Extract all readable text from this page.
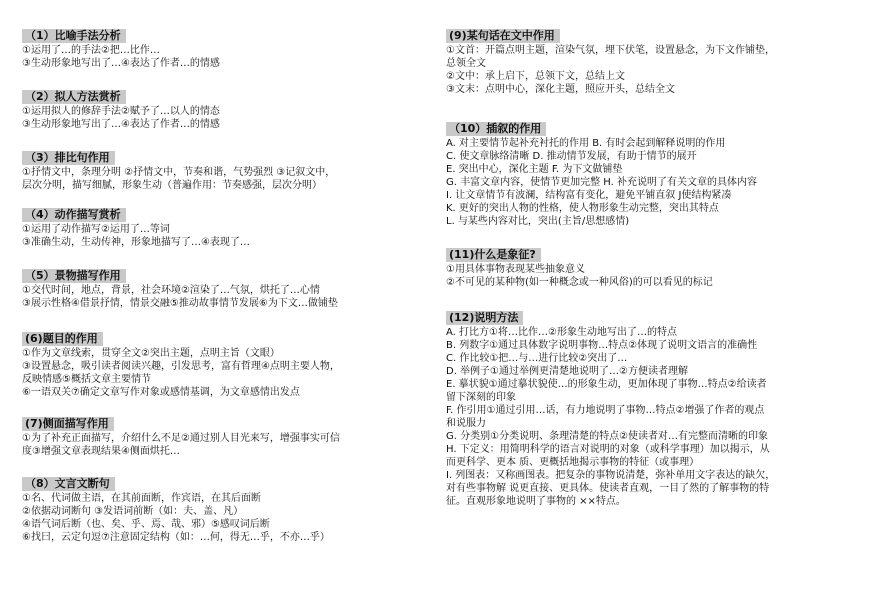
（1）比喻手法分析
①运用了…的手法②把…比作…
③生动形象地写出了…④表达了作者…的情感
（2）拟人方法赏析
①运用拟人的修辞手法②赋予了…以人的情态
③生动形象地写出了…④表达了作者…的情感
（3）排比句作用
①抒情文中，条理分明 ②抒情文中，节奏和谐，气势强烈 ③记叙文中，
层次分明，描写细腻，形象生动（普遍作用：节奏感强，层次分明）
（4）动作描写赏析
①运用了动作描写②运用了…等词
③准确生动，生动传神，形象地描写了…④表现了…
（5）景物描写作用
①交代时间，地点，背景，社会环境②渲染了…气氛，烘托了…心情
③展示性格④借景抒情，情景交融⑤推动故事情节发展⑥为下文…做铺垫
(6)题目的作用
①作为文章线索，贯穿全文②突出主题，点明主旨（文眼）
③设置悬念，吸引读者阅读兴趣，引发思考，富有哲理④点明主要人物，
反映情感⑤概括文章主要情节
⑥一语双关⑦确定文章写作对象或感情基调，为文章感情出发点
(7)侧面描写作用
①为了补充正面描写，介绍什么不足②通过别人目光来写，增强事实可信
度③增强文章表现结果④侧面烘托…
（8）文言文断句
①名、代词做主语，在其前面断，作宾语，在其后面断
②依据动词断句 ③发语词前断（如：夫、盖、凡）
④语气词后断（也、矣、乎、焉、哉、邪）⑤感叹词后断
⑥找曰，云定句逗⑦注意固定结构（如：…何，得无…乎，不亦…乎）
(9)某句话在文中作用
①文首：开篇点明主题，渲染气氛，埋下伏笔，设置悬念，为下文作铺垫，
总领全文
②文中：承上启下，总领下文，总结上文
③文末：点明中心，深化主题，照应开头，总结全文
（10）插叙的作用
A. 对主要情节起补充衬托的作用 B. 有时会起到解释说明的作用
C. 使文章脉络清晰 D. 推动情节发展，有助于情节的展开
E. 突出中心，深化主题 F. 为下文做铺垫
G. 丰富文章内容，使情节更加完整 H. 补充说明了有关文章的具体内容
I. 让文章情节有波澜，结构富有变化，避免平铺直叙 J使结构紧凑
K. 更好的突出人物的性格，使人物形象生动完整，突出其特点
L. 与某些内容对比，突出(主旨/思想感情)
(11)什么是象征?
①用具体事物表现某些抽象意义
②不可见的某种物(如一种概念或一种风俗)的可以看见的标记
(12)说明方法
A. 打比方①将…比作…②形象生动地写出了…的特点
B. 列数字①通过具体数字说明事物…特点②体现了说明文语言的准确性
C. 作比较①把…与…进行比较②突出了…
D. 举例子①通过举例更清楚地说明了…②方便读者理解
E. 摹状貌①通过摹状貌使…的形象生动，更加体现了事物…特点②给读者
留下深刻的印象
F. 作引用①通过引用…话，有力地说明了事物…特点②增强了作者的观点
和说服力
G. 分类别①分类说明、条理清楚的特点②使读者对…有完整而清晰的印象
H. 下定义：用简明科学的语言对说明的对象（或科学事理）加以揭示，从
而更科学、更本 质、更概括地揭示事物的特征（或事理）
I. 列图表：又称画图表。把复杂的事物说清楚，弥补单用文字表达的缺欠，
对有些事物解 说更直接、更具体。使读者直观，一目了然的了解事物的特
征。直观形象地说明了事物的 ××特点。
